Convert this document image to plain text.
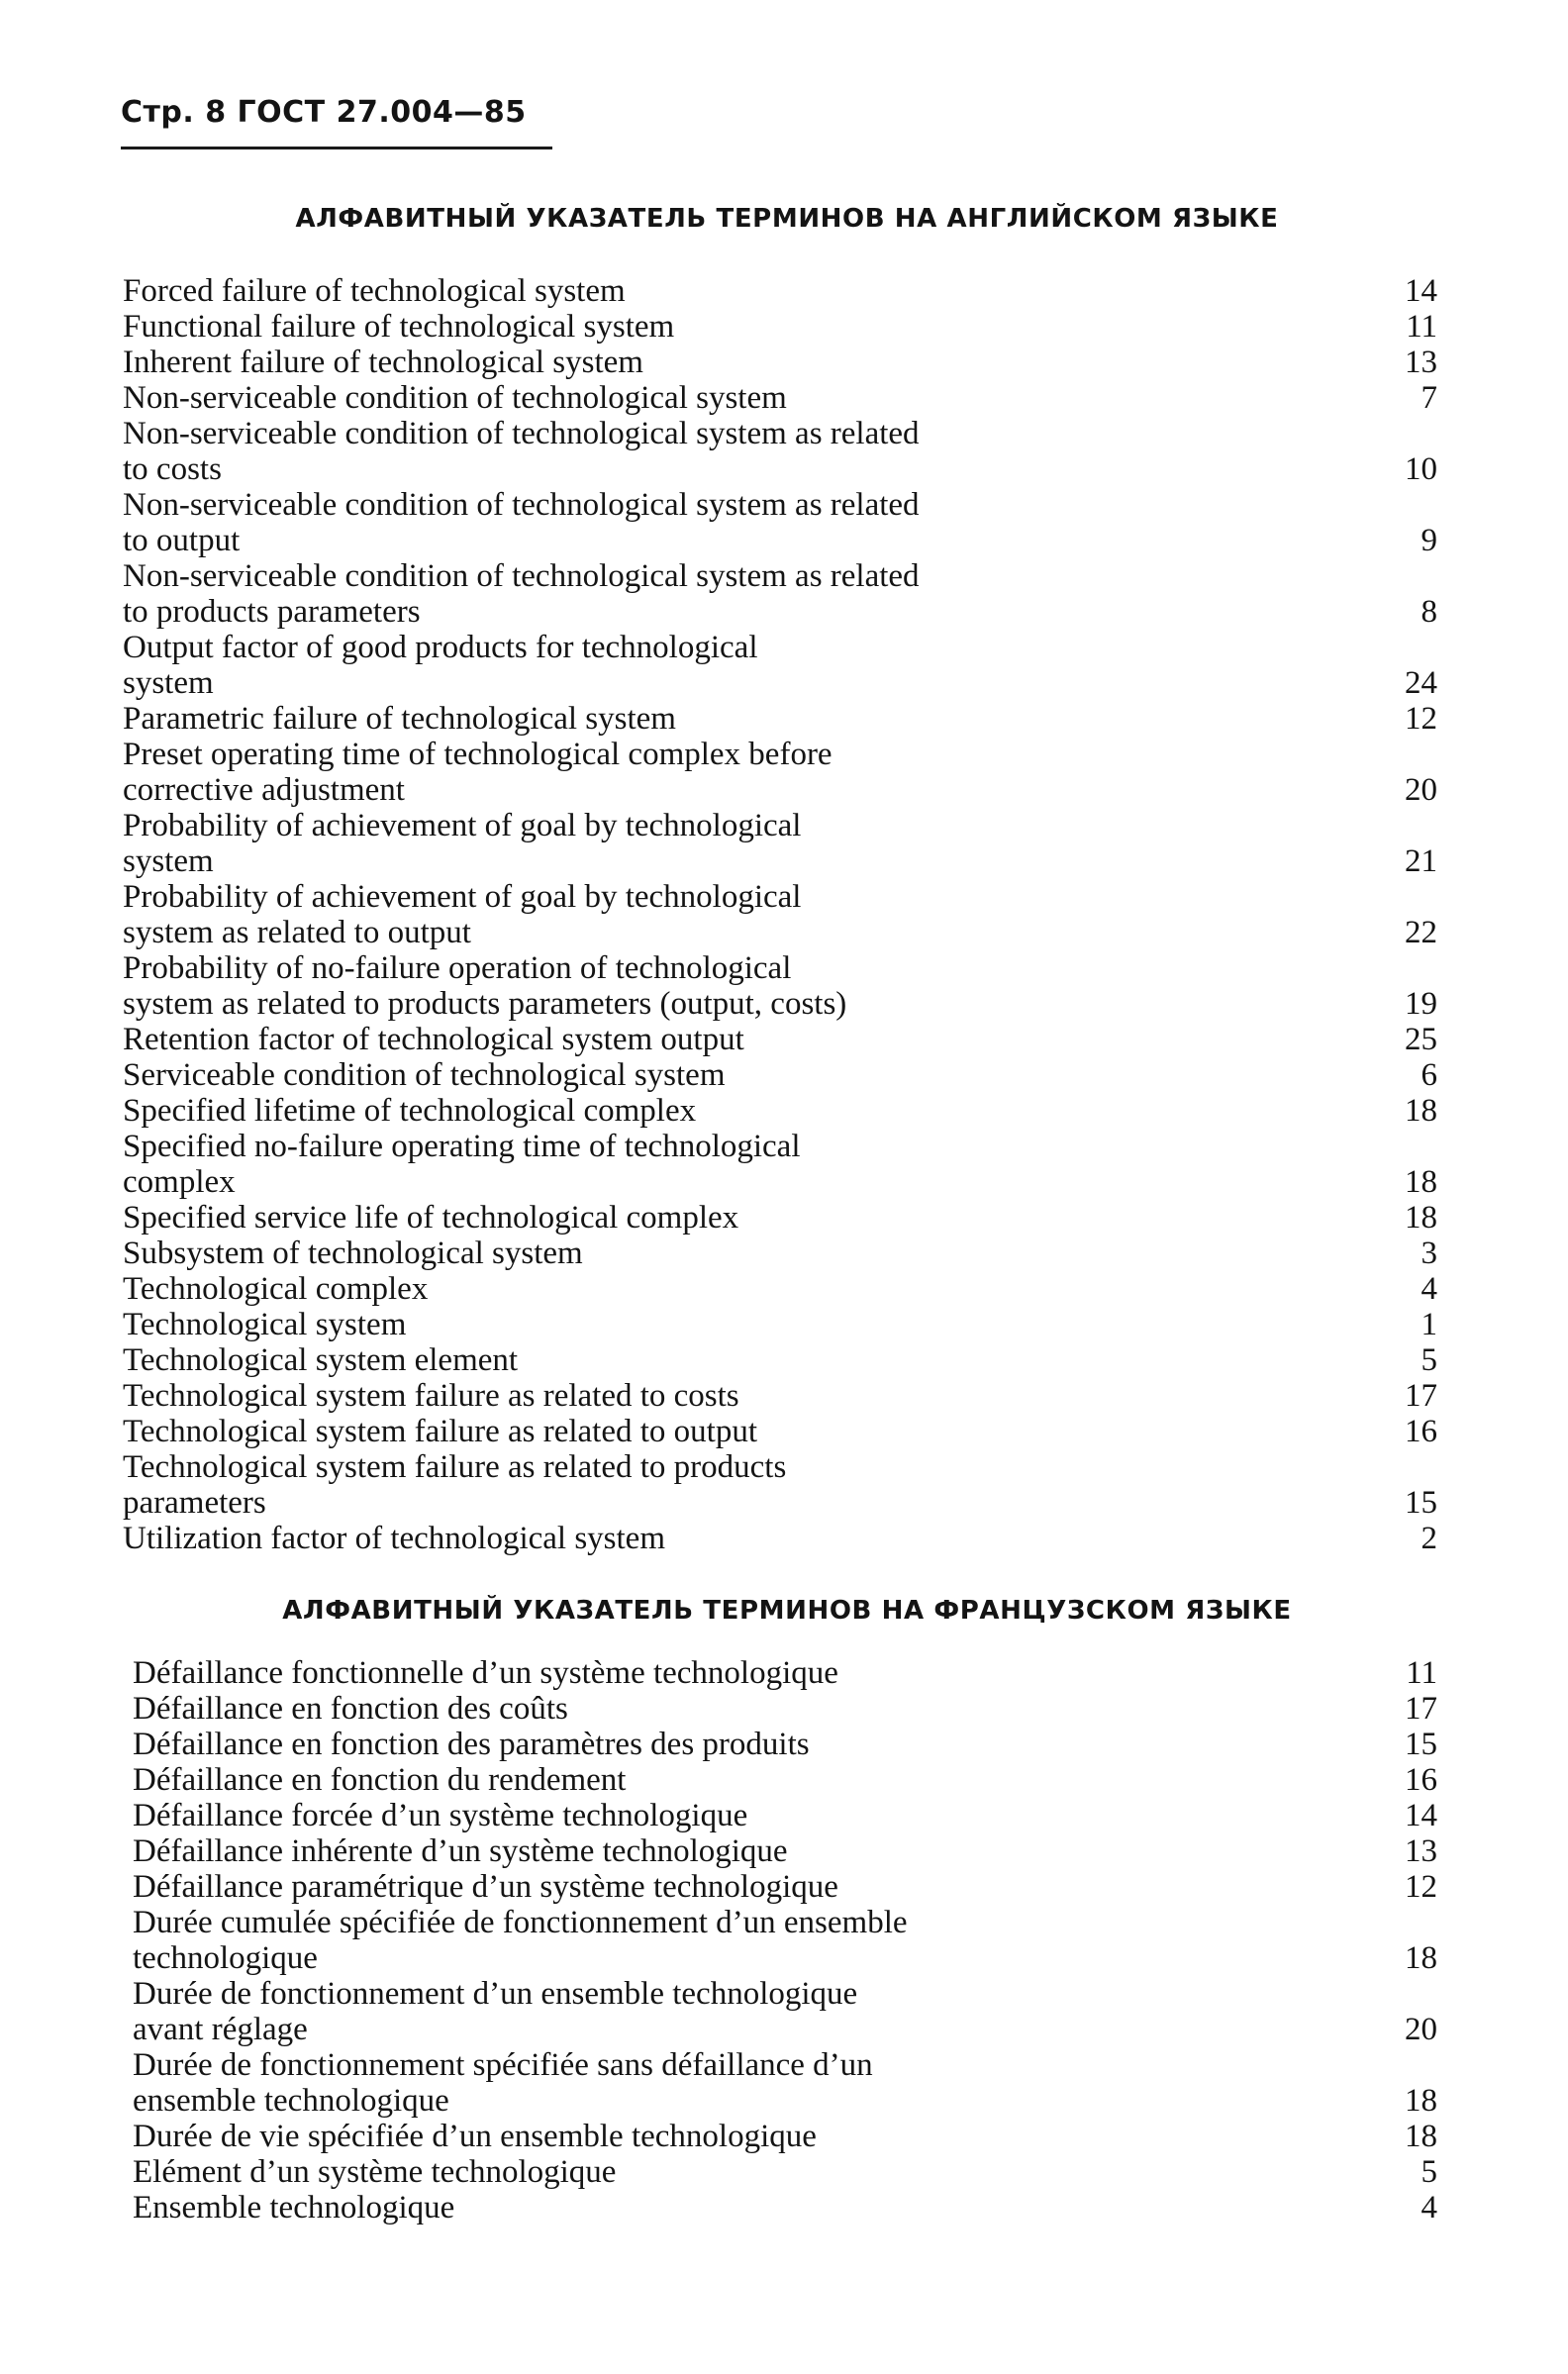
Стр. 8 ГОСТ 27.004—85
АЛФАВИТНЫЙ УКАЗАТЕЛЬ ТЕРМИНОВ НА АНГЛИЙСКОМ ЯЗЫКЕ
Forced failure of technological system	14
Functional failure of technological system	11
Inherent failure of technological system	13
Non-serviceable condition of technological system	7
Non-serviceable condition of technological system as related
to costs	10
Non-serviceable condition of technological system as related
to output	9
Non-serviceable condition of technological system as related
to products parameters	8
Output factor of good products for technological
system	24
Parametric failure of technological system	12
Preset operating time of technological complex before
corrective adjustment	20
Probability of achievement of goal by technological
system	21
Probability of achievement of goal by technological
system as related to output	22
Probability of no-failure operation of technological
system as related to products parameters (output, costs)	19
Retention factor of technological system output	25
Serviceable condition of technological system	6
Specified lifetime of technological complex	18
Specified no-failure operating time of technological
complex	18
Specified service life of technological complex	18
Subsystem of technological system	3
Technological complex	4
Technological system	1
Technological system element	5
Technological system failure as related to costs	17
Technological system failure as related to output	16
Technological system failure as related to products
parameters	15
Utilization factor of technological system	2
АЛФАВИТНЫЙ УКАЗАТЕЛЬ ТЕРМИНОВ НА ФРАНЦУЗСКОМ ЯЗЫКЕ
Défaillance fonctionnelle d’un système technologique	11
Défaillance en fonction des coûts	17
Défaillance en fonction des paramètres des produits	15
Défaillance en fonction du rendement	16
Défaillance forcée d’un système technologique	14
Défaillance inhérente d’un système technologique	13
Défaillance paramétrique d’un système technologique	12
Durée cumulée spécifiée de fonctionnement d’un ensemble
technologique	18
Durée de fonctionnement d’un ensemble technologique
avant réglage	20
Durée de fonctionnement spécifiée sans défaillance d’un
ensemble technologique	18
Durée de vie spécifiée d’un ensemble technologique	18
Elément d’un système technologique	5
Ensemble technologique	4
